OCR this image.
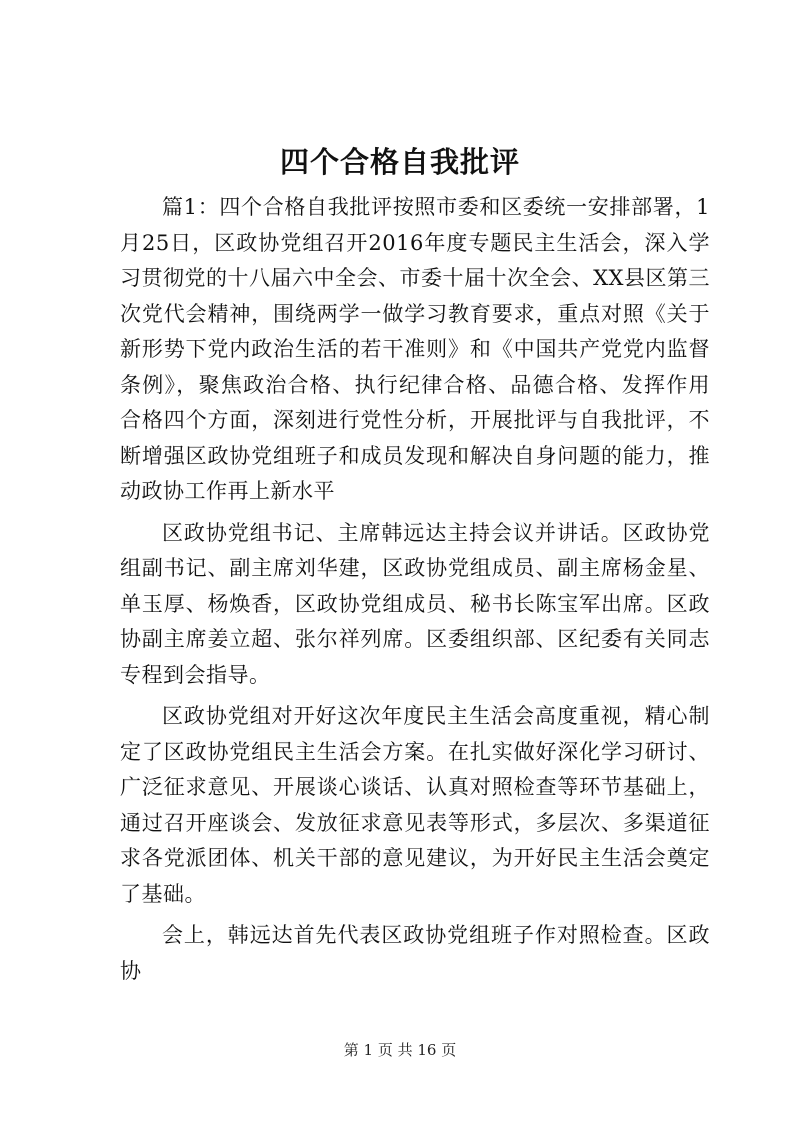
四个合格自我批评

篇1：四个合格自我批评按照市委和区委统一安排部署，1月25日，区政协党组召开2016年度专题民主生活会，深入学习贯彻党的十八届六中全会、市委十届十次全会、XX县区第三次党代会精神，围绕两学一做学习教育要求，重点对照《关于新形势下党内政治生活的若干准则》和《中国共产党党内监督条例》，聚焦政治合格、执行纪律合格、品德合格、发挥作用合格四个方面，深刻进行党性分析，开展批评与自我批评，不断增强区政协党组班子和成员发现和解决自身问题的能力，推动政协工作再上新水平

区政协党组书记、主席韩远达主持会议并讲话。区政协党组副书记、副主席刘华建，区政协党组成员、副主席杨金星、单玉厚、杨焕香，区政协党组成员、秘书长陈宝军出席。区政协副主席姜立超、张尔祥列席。区委组织部、区纪委有关同志专程到会指导。

区政协党组对开好这次年度民主生活会高度重视，精心制定了区政协党组民主生活会方案。在扎实做好深化学习研讨、广泛征求意见、开展谈心谈话、认真对照检查等环节基础上，通过召开座谈会、发放征求意见表等形式，多层次、多渠道征求各党派团体、机关干部的意见建议，为开好民主生活会奠定了基础。

会上，韩远达首先代表区政协党组班子作对照检查。区政协

第 1 页 共 16 页
